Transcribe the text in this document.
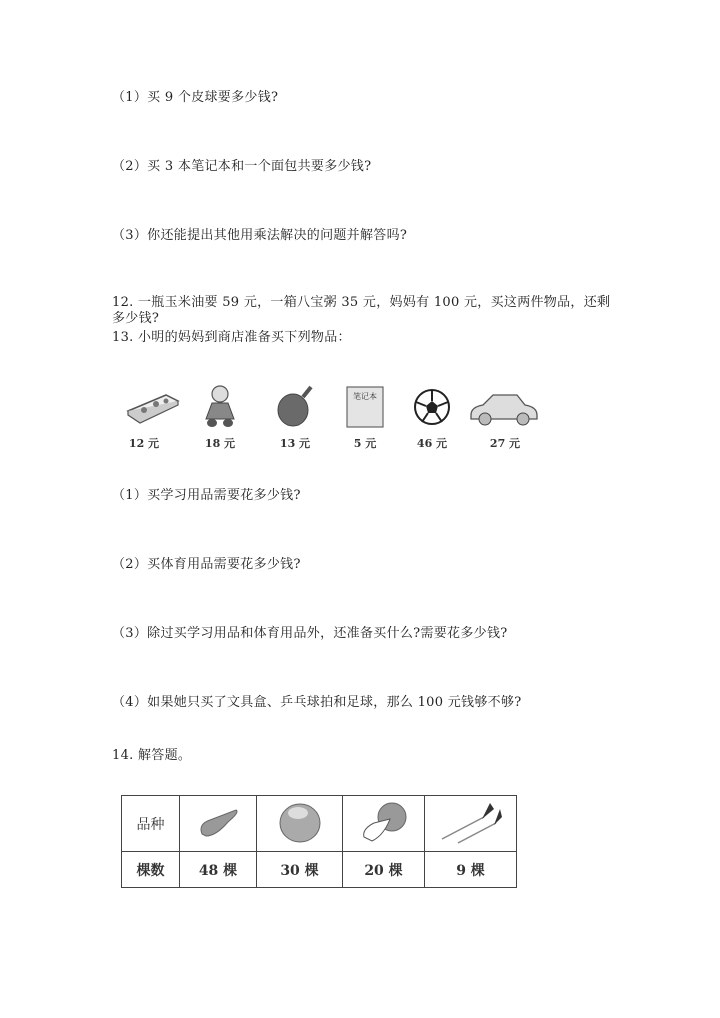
（1）买 9 个皮球要多少钱?
（2）买 3 本笔记本和一个面包共要多少钱?
（3）你还能提出其他用乘法解决的问题并解答吗?
12. 一瓶玉米油要 59 元，一箱八宝粥 35 元，妈妈有 100 元，买这两件物品，还剩多少钱?
13. 小明的妈妈到商店准备买下列物品：
12 元	18 元	13 元
笔记本
5 元	46 元	27 元
（1）买学习用品需要花多少钱?
（2）买体育用品需要花多少钱?
（3）除过买学习用品和体育用品外，还准备买什么?需要花多少钱?
（4）如果她只买了文具盒、乒乓球拍和足球，那么 100 元钱够不够?
14. 解答题。
品种				
棵数	48 棵	30 棵	20 棵	9 棵
